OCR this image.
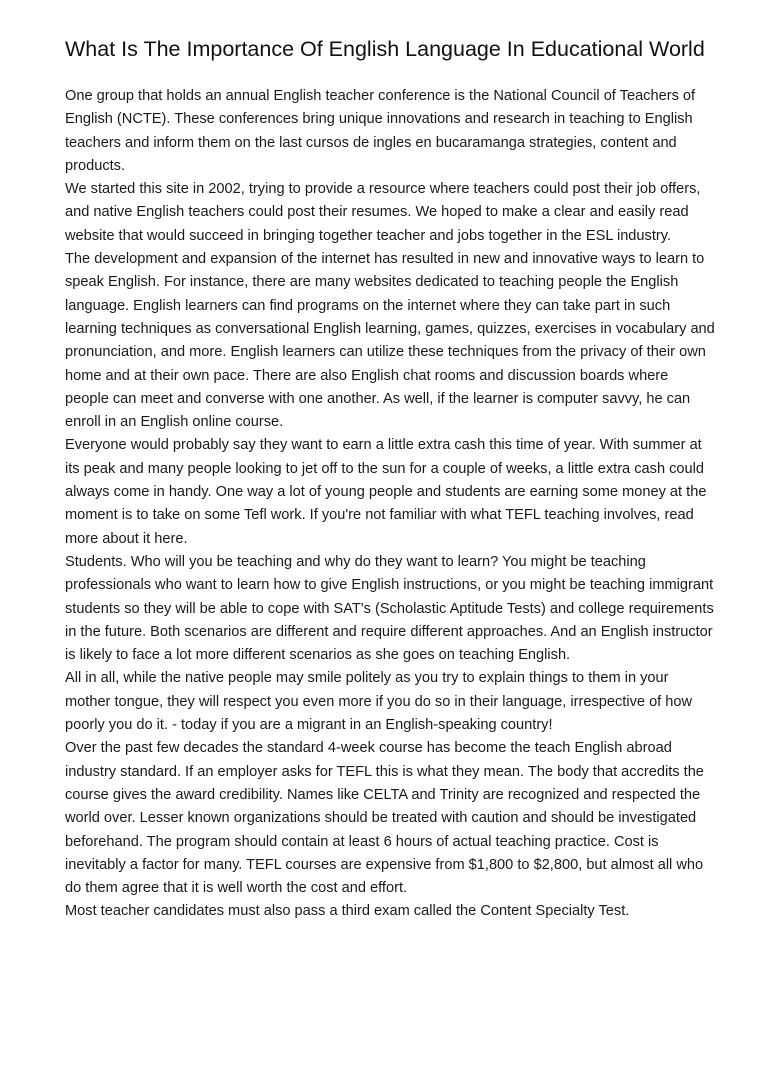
What Is The Importance Of English Language In Educational World

One group that holds an annual English teacher conference is the National Council of Teachers of English (NCTE). These conferences bring unique innovations and research in teaching to English teachers and inform them on the last cursos de ingles en bucaramanga strategies, content and products.

We started this site in 2002, trying to provide a resource where teachers could post their job offers, and native English teachers could post their resumes. We hoped to make a clear and easily read website that would succeed in bringing together teacher and jobs together in the ESL industry.

The development and expansion of the internet has resulted in new and innovative ways to learn to speak English. For instance, there are many websites dedicated to teaching people the English language. English learners can find programs on the internet where they can take part in such learning techniques as conversational English learning, games, quizzes, exercises in vocabulary and pronunciation, and more. English learners can utilize these techniques from the privacy of their own home and at their own pace. There are also English chat rooms and discussion boards where people can meet and converse with one another. As well, if the learner is computer savvy, he can enroll in an English online course.

Everyone would probably say they want to earn a little extra cash this time of year. With summer at its peak and many people looking to jet off to the sun for a couple of weeks, a little extra cash could always come in handy. One way a lot of young people and students are earning some money at the moment is to take on some Tefl work. If you're not familiar with what TEFL teaching involves, read more about it here.

Students. Who will you be teaching and why do they want to learn? You might be teaching professionals who want to learn how to give English instructions, or you might be teaching immigrant students so they will be able to cope with SAT's (Scholastic Aptitude Tests) and college requirements in the future. Both scenarios are different and require different approaches. And an English instructor is likely to face a lot more different scenarios as she goes on teaching English.

All in all, while the native people may smile politely as you try to explain things to them in your mother tongue, they will respect you even more if you do so in their language, irrespective of how poorly you do it. - today if you are a migrant in an English-speaking country!

Over the past few decades the standard 4-week course has become the teach English abroad industry standard. If an employer asks for TEFL this is what they mean. The body that accredits the course gives the award credibility. Names like CELTA and Trinity are recognized and respected the world over. Lesser known organizations should be treated with caution and should be investigated beforehand. The program should contain at least 6 hours of actual teaching practice. Cost is inevitably a factor for many. TEFL courses are expensive from $1,800 to $2,800, but almost all who do them agree that it is well worth the cost and effort.

Most teacher candidates must also pass a third exam called the Content Specialty Test.
